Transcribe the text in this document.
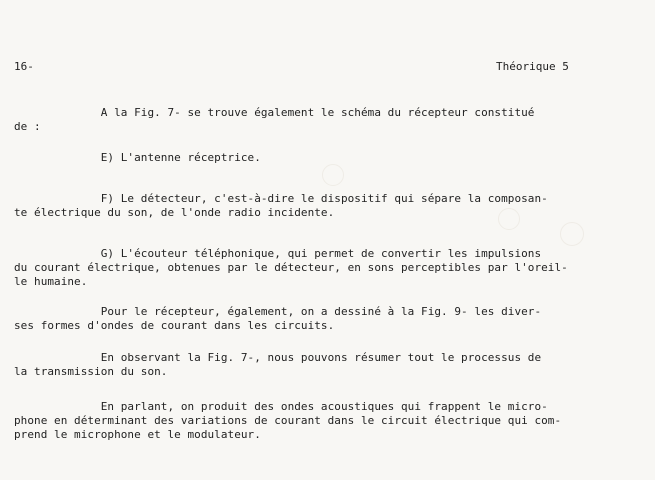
16-	Théorique 5
A la Fig. 7- se trouve également le schéma du récepteur constitué
de :
E) L'antenne réceptrice.
F) Le détecteur, c'est-à-dire le dispositif qui sépare la composan-
te électrique du son, de l'onde radio incidente.
G) L'écouteur téléphonique, qui permet de convertir les impulsions
du courant électrique, obtenues par le détecteur, en sons perceptibles par l'oreil-
le humaine.
Pour le récepteur, également, on a dessiné à la Fig. 9- les diver-
ses formes d'ondes de courant dans les circuits.
En observant la Fig. 7-, nous pouvons résumer tout le processus de
la transmission du son.
En parlant, on produit des ondes acoustiques qui frappent le micro-
phone en déterminant des variations de courant dans le circuit électrique qui com-
prend le microphone et le modulateur.
